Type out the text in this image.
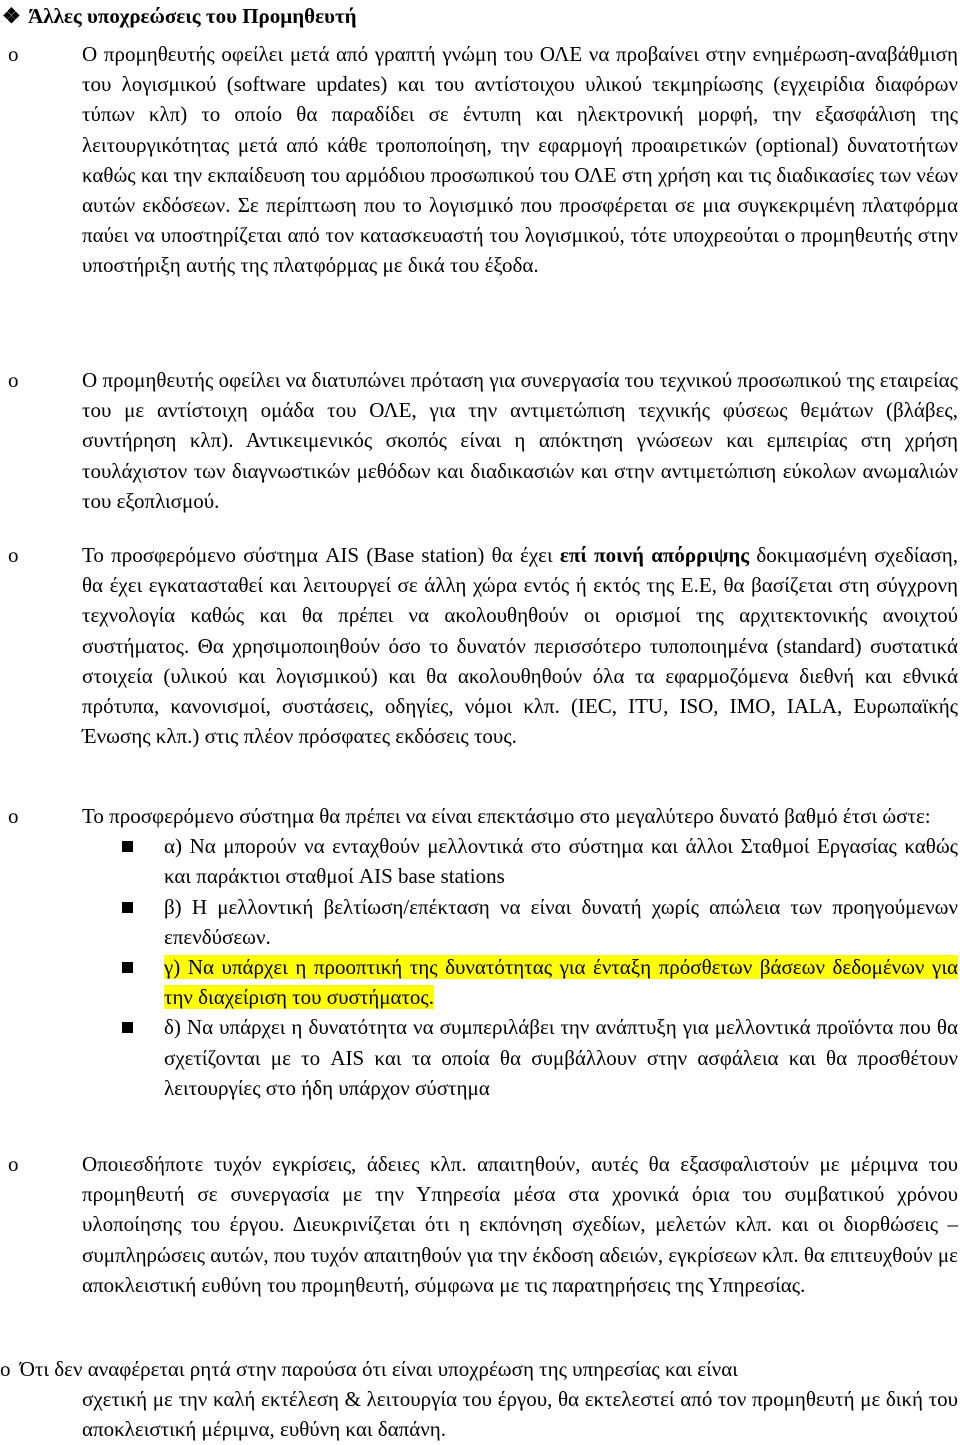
❖ Άλλες υποχρεώσεις του Προμηθευτή
o	Ο προμηθευτής οφείλει μετά από γραπτή γνώμη του ΟΛΕ να προβαίνει στην ενημέρωση-αναβάθμιση του λογισμικού (software updates) και του αντίστοιχου υλικού τεκμηρίωσης (εγχειρίδια διαφόρων τύπων κλπ) το οποίο θα παραδίδει σε έντυπη και ηλεκτρονική μορφή, την εξασφάλιση της λειτουργικότητας μετά από κάθε τροποποίηση, την εφαρμογή προαιρετικών (optional) δυνατοτήτων καθώς και την εκπαίδευση του αρμόδιου προσωπικού του ΟΛΕ στη χρήση και τις διαδικασίες των νέων αυτών εκδόσεων. Σε περίπτωση που το λογισμικό που προσφέρεται σε μια συγκεκριμένη πλατφόρμα παύει να υποστηρίζεται από τον κατασκευαστή του λογισμικού, τότε υποχρεούται ο προμηθευτής στην υποστήριξη αυτής της πλατφόρμας με δικά του έξοδα.
o	Ο προμηθευτής οφείλει να διατυπώνει πρόταση για συνεργασία του τεχνικού προσωπικού της εταιρείας του με αντίστοιχη ομάδα του ΟΛΕ, για την αντιμετώπιση τεχνικής φύσεως θεμάτων (βλάβες, συντήρηση κλπ). Αντικειμενικός σκοπός είναι η απόκτηση γνώσεων και εμπειρίας στη χρήση τουλάχιστον των διαγνωστικών μεθόδων και διαδικασιών και στην αντιμετώπιση εύκολων ανωμαλιών του εξοπλισμού.
o	Το προσφερόμενο σύστημα AIS (Base station) θα έχει επί ποινή απόρριψης δοκιμασμένη σχεδίαση, θα έχει εγκατασταθεί και λειτουργεί σε άλλη χώρα εντός ή εκτός της Ε.Ε, θα βασίζεται στη σύγχρονη τεχνολογία καθώς και θα πρέπει να ακολουθηθούν οι ορισμοί της αρχιτεκτονικής ανοιχτού συστήματος. Θα χρησιμοποιηθούν όσο το δυνατόν περισσότερο τυποποιημένα (standard) συστατικά στοιχεία (υλικού και λογισμικού) και θα ακολουθηθούν όλα τα εφαρμοζόμενα διεθνή και εθνικά πρότυπα, κανονισμοί, συστάσεις, οδηγίες, νόμοι κλπ. (IEC, ITU, ISO, IMO, IALA, Ευρωπαϊκής Ένωσης κλπ.) στις πλέον πρόσφατες εκδόσεις τους.
o	Το προσφερόμενο σύστημα θα πρέπει να είναι επεκτάσιμο στο μεγαλύτερο δυνατό βαθμό έτσι ώστε:
α) Να μπορούν να ενταχθούν μελλοντικά στο σύστημα και άλλοι Σταθμοί Εργασίας καθώς και παράκτιοι σταθμοί AIS base stations
β) Η μελλοντική βελτίωση/επέκταση να είναι δυνατή χωρίς απώλεια των προηγούμενων επενδύσεων.
γ) Να υπάρχει η προοπτική της δυνατότητας για ένταξη πρόσθετων βάσεων δεδομένων για την διαχείριση του συστήματος.
δ) Να υπάρχει η δυνατότητα να συμπεριλάβει την ανάπτυξη για μελλοντικά προϊόντα που θα σχετίζονται με το AIS και τα οποία θα συμβάλλουν στην ασφάλεια και θα προσθέτουν λειτουργίες στο ήδη υπάρχον σύστημα
o	Οποιεσδήποτε τυχόν εγκρίσεις, άδειες κλπ. απαιτηθούν, αυτές θα εξασφαλιστούν με μέριμνα του προμηθευτή σε συνεργασία με την Υπηρεσία μέσα στα χρονικά όρια του συμβατικού χρόνου υλοποίησης του έργου. Διευκρινίζεται ότι η εκπόνηση σχεδίων, μελετών κλπ. και οι διορθώσεις – συμπληρώσεις αυτών, που τυχόν απαιτηθούν για την έκδοση αδειών, εγκρίσεων κλπ. θα επιτευχθούν με αποκλειστική ευθύνη του προμηθευτή, σύμφωνα με τις παρατηρήσεις της Υπηρεσίας.
o Ότι δεν αναφέρεται ρητά στην παρούσα ότι είναι υποχρέωση της υπηρεσίας και είναι
σχετική με την καλή εκτέλεση & λειτουργία του έργου, θα εκτελεστεί από τον προμηθευτή με δική του αποκλειστική μέριμνα, ευθύνη και δαπάνη.
